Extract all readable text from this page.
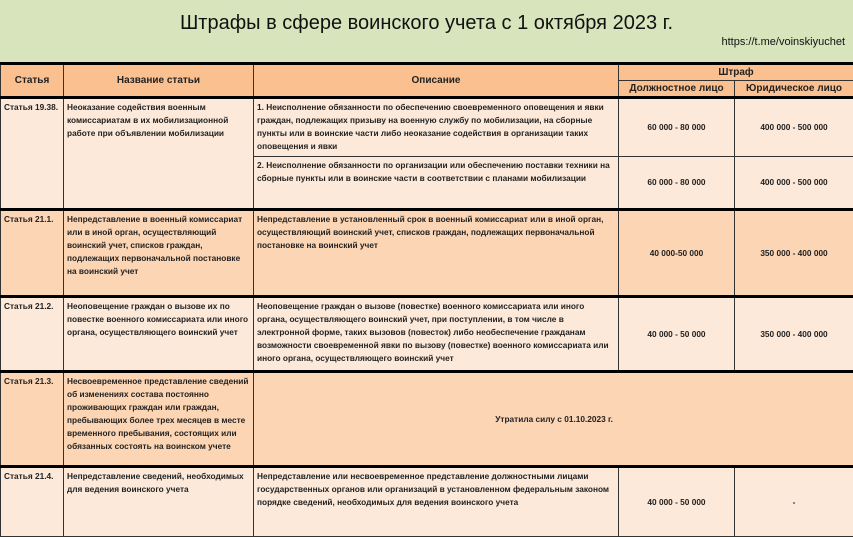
Штрафы в сфере воинского учета с 1 октября 2023 г.
https://t.me/voinskiyuchet
Статья	Название статьи	Описание	Штраф	
			Должностное лицо	Юридическое лицо
Статья 19.38.	Неоказание содействия военным комиссариатам в их мобилизационной работе при объявлении мобилизации	1. Неисполнение обязанности по обеспечению своевременного оповещения и явки граждан, подлежащих призыву на военную службу по мобилизации, на сборные пункты или в воинские части либо неоказание содействия в организации таких оповещения и явки	60 000 - 80 000	400 000 - 500 000
		2. Неисполнение обязанности по организации или обеспечению поставки техники на сборные пункты или в воинские части в соответствии с планами мобилизации	60 000 - 80 000	400 000 - 500 000
Статья 21.1.	Непредставление в военный комиссариат или в иной орган, осуществляющий воинский учет, списков граждан, подлежащих первоначальной постановке на воинский учет	Непредставление в установленный срок в военный комиссариат или в иной орган, осуществляющий воинский учет, списков граждан, подлежащих первоначальной постановке на воинский учет	40 000-50 000	350 000 - 400 000
Статья 21.2.	Неоповещение граждан о вызове их по повестке военного комиссариата или иного органа, осуществляющего воинский учет	Неоповещение граждан о вызове (повестке) военного комиссариата или иного органа, осуществляющего воинский учет, при поступлении, в том числе в электронной форме, таких вызовов (повесток) либо необеспечение гражданам возможности своевременной явки по вызову (повестке) военного комиссариата или иного органа, осуществляющего воинский учет	40 000 - 50 000	350 000 - 400 000
Статья 21.3.	Несвоевременное представление сведений об изменениях состава постоянно проживающих граждан или граждан, пребывающих более трех месяцев в месте временного пребывания, состоящих или обязанных состоять на воинском учете	Утратила силу с 01.10.2023 г.		
Статья 21.4.	Непредставление сведений, необходимых для ведения воинского учета	Непредставление или несвоевременное представление должностными лицами государственных органов или организаций в установленном федеральным законом порядке сведений, необходимых для ведения воинского учета	40 000 - 50 000	-
